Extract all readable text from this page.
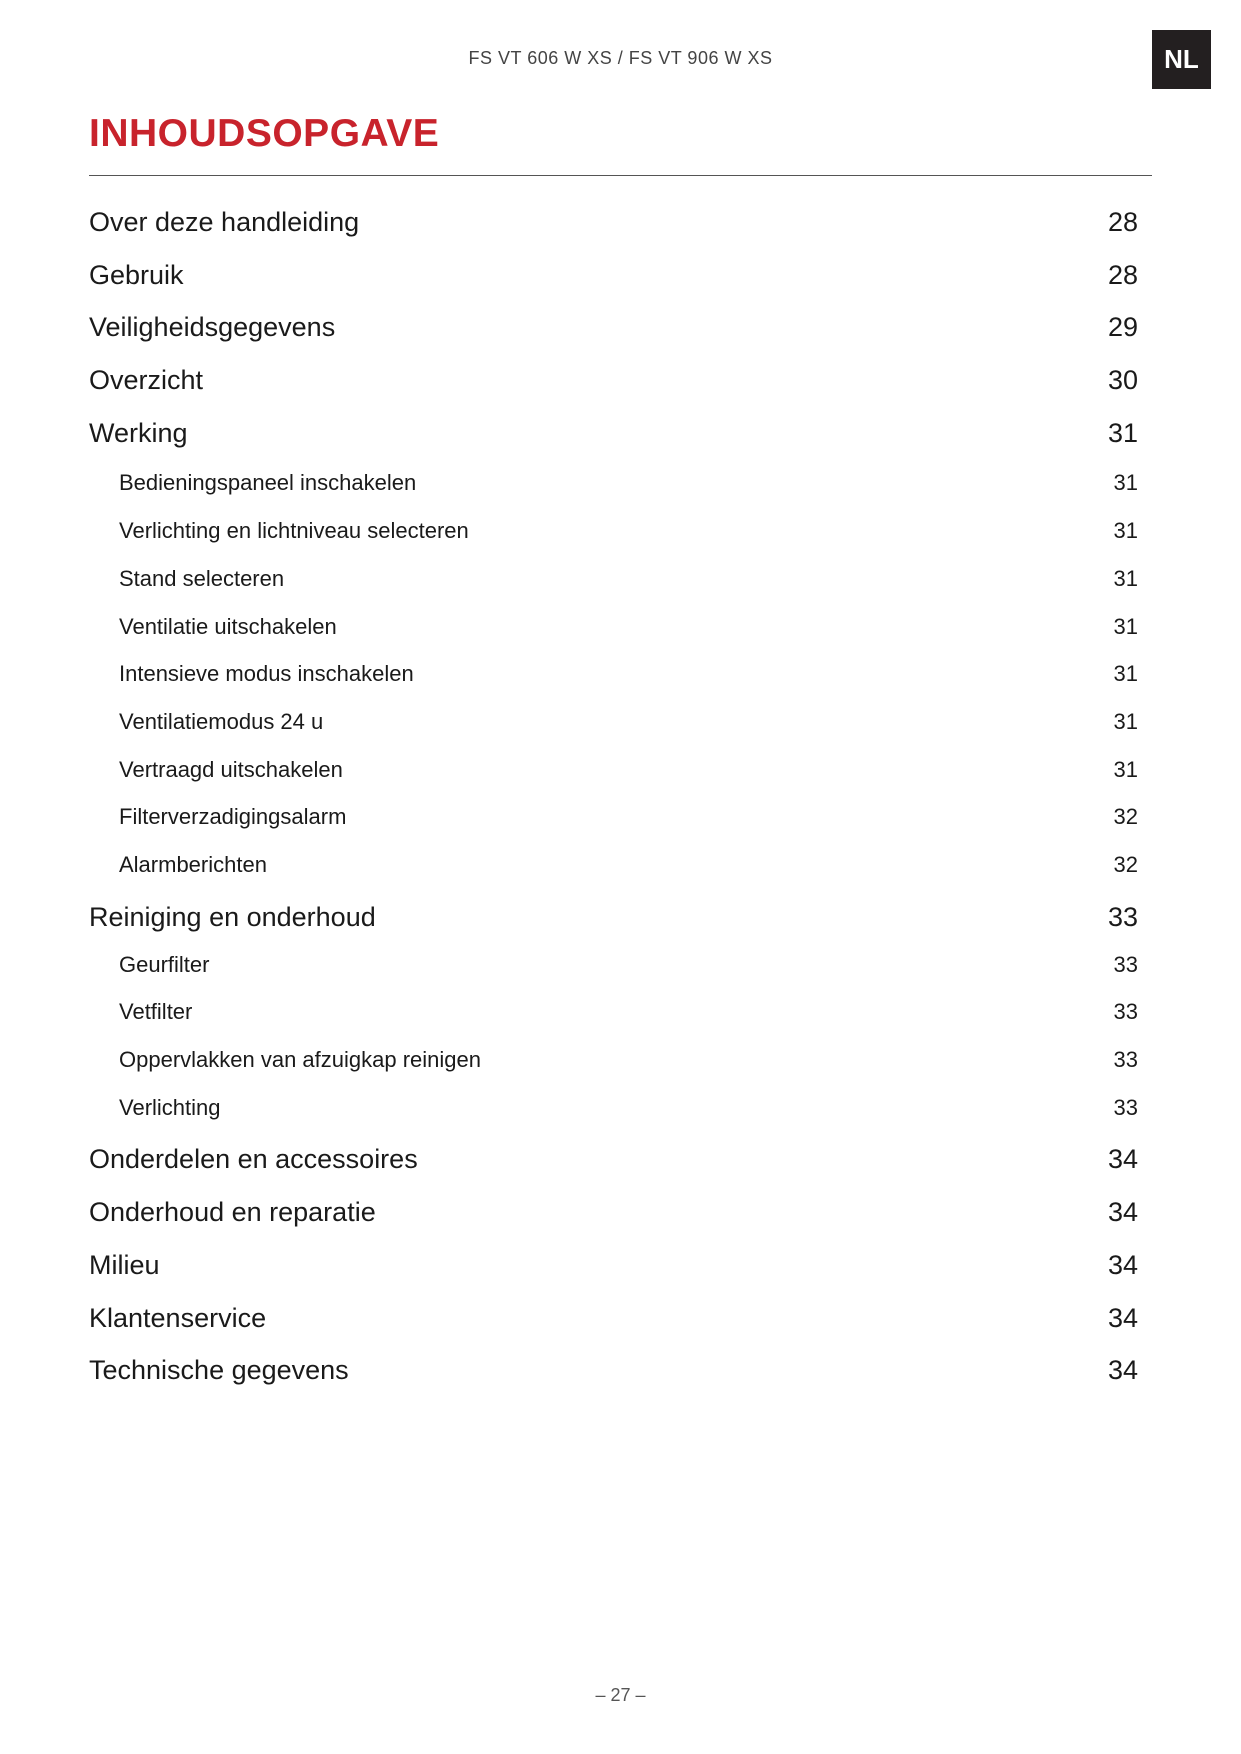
FS VT 606 W XS / FS VT 906 W XS	NL
INHOUDSOPGAVE
Over deze handleiding	28
Gebruik	28
Veiligheidsgegevens	29
Overzicht	30
Werking	31
Bedieningspaneel inschakelen	31
Verlichting en lichtniveau selecteren	31
Stand selecteren	31
Ventilatie uitschakelen	31
Intensieve modus inschakelen	31
Ventilatiemodus 24 u	31
Vertraagd uitschakelen	31
Filterverzadigingsalarm	32
Alarmberichten	32
Reiniging en onderhoud	33
Geurfilter	33
Vetfilter	33
Oppervlakken van afzuigkap reinigen	33
Verlichting	33
Onderdelen en accessoires	34
Onderhoud en reparatie	34
Milieu	34
Klantenservice	34
Technische gegevens	34
– 27 –
